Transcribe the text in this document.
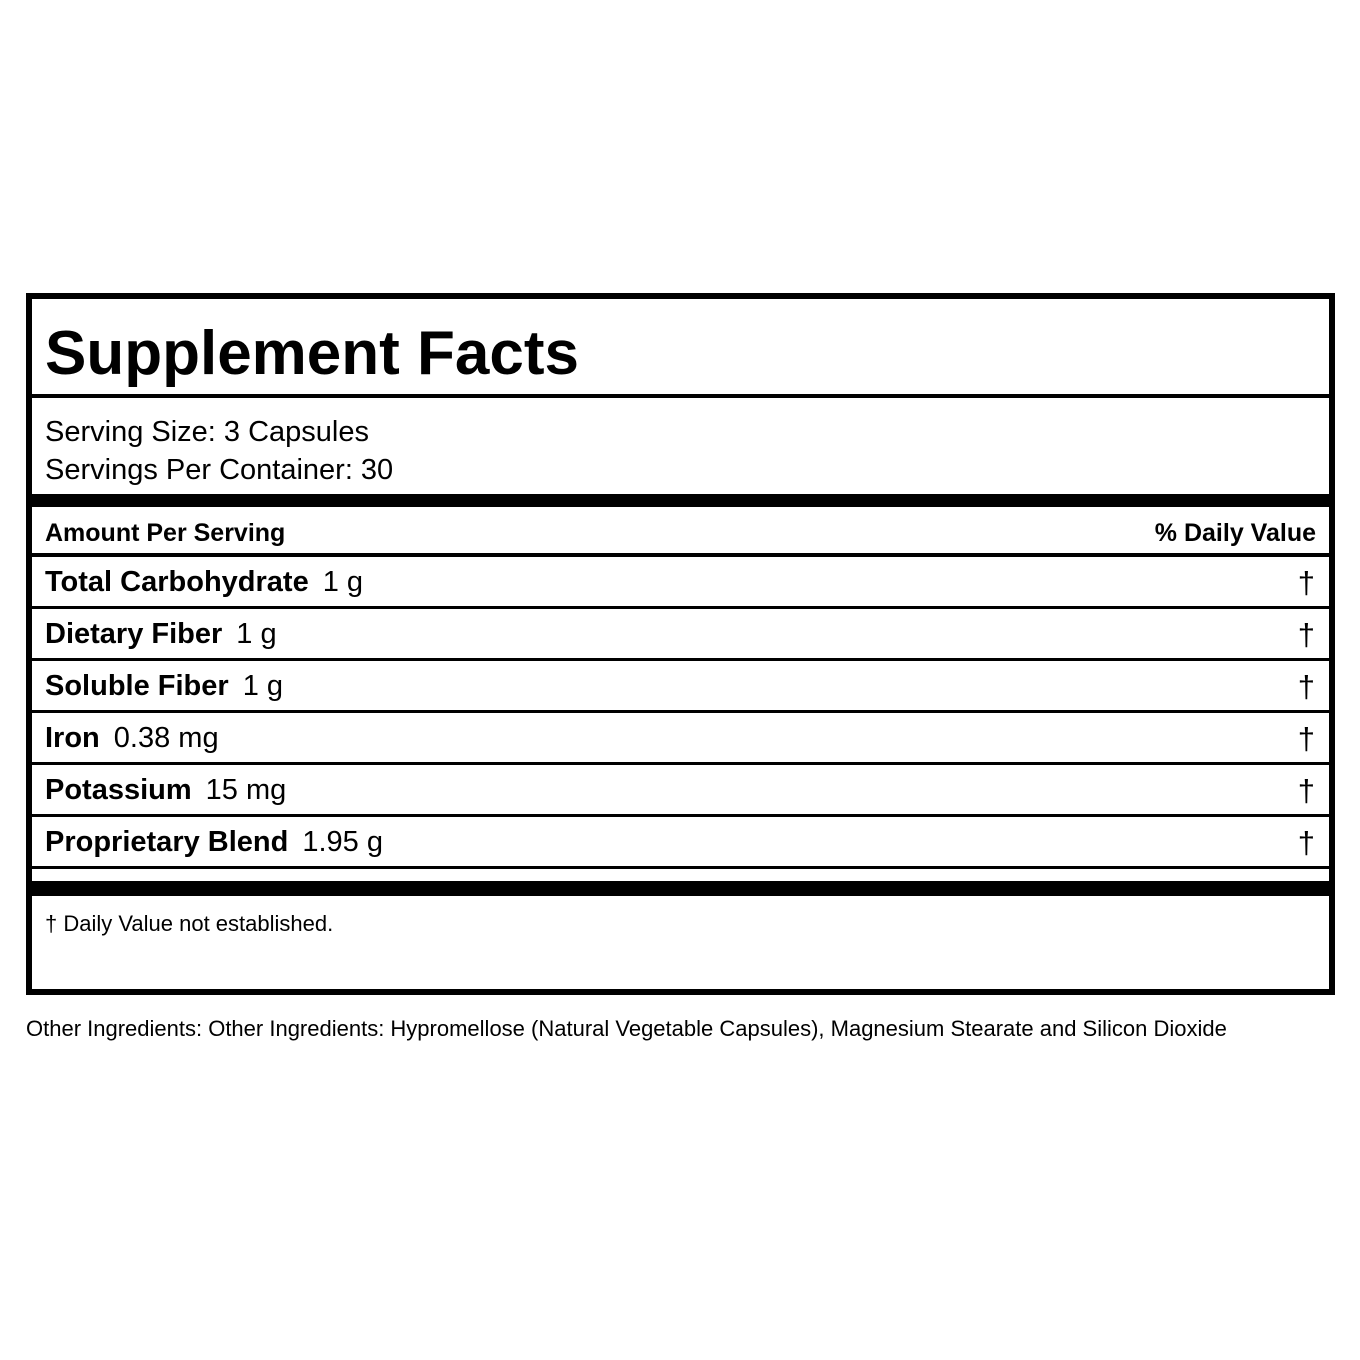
Supplement Facts
Serving Size: 3 Capsules
Servings Per Container: 30
Amount Per Serving	% Daily Value
Total Carbohydrate 1 g	†
Dietary Fiber 1 g	†
Soluble Fiber 1 g	†
Iron 0.38 mg	†
Potassium 15 mg	†
Proprietary Blend 1.95 g	†
† Daily Value not established.
Other Ingredients: Other Ingredients: Hypromellose (Natural Vegetable Capsules), Magnesium Stearate and Silicon Dioxide
